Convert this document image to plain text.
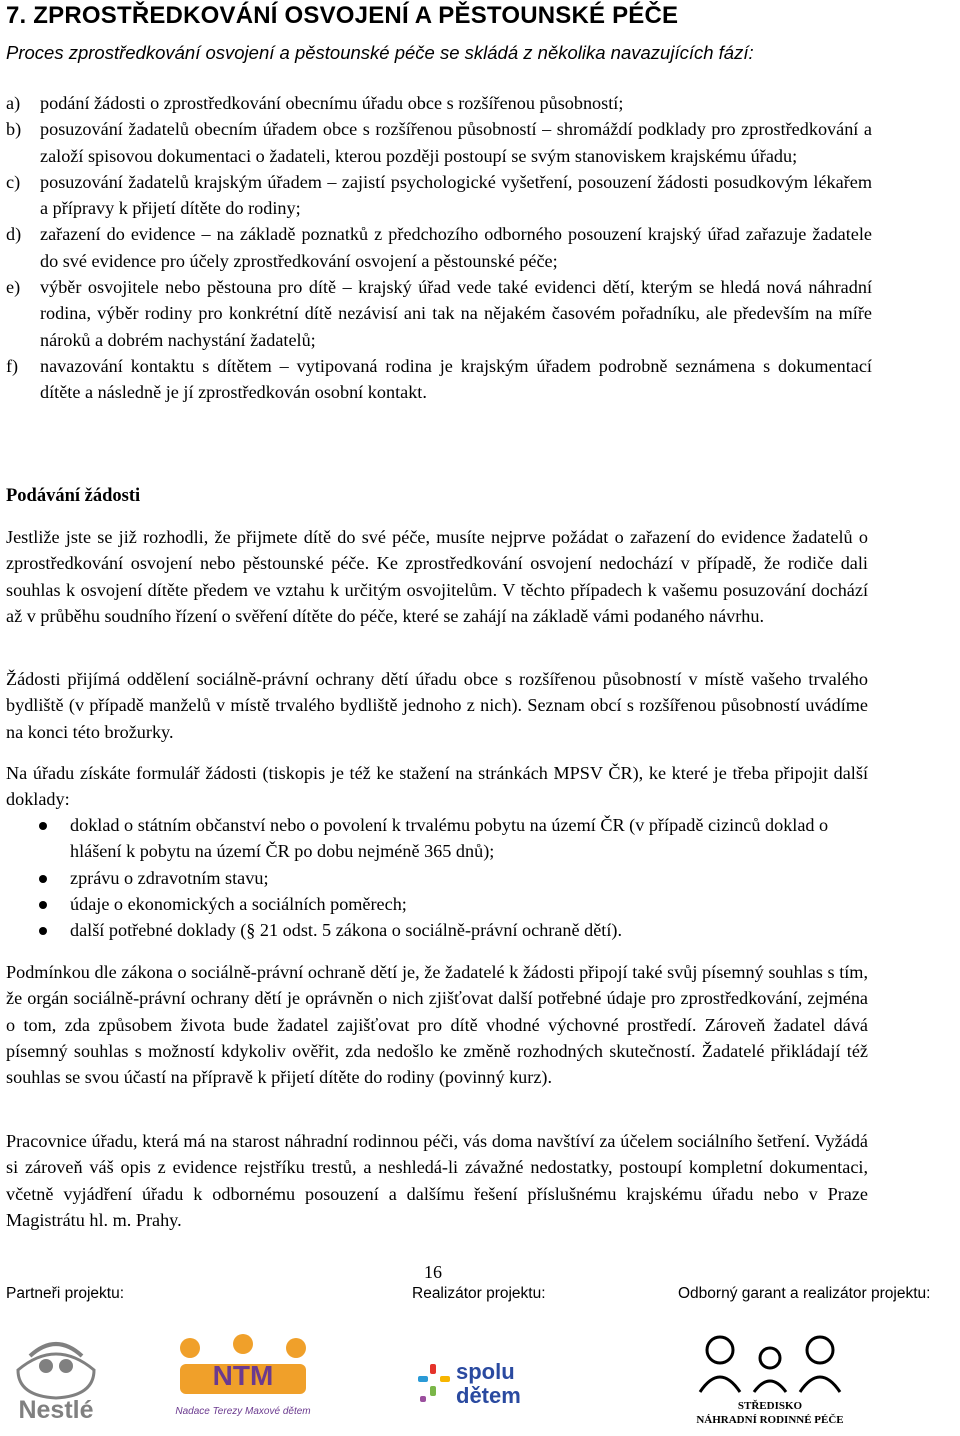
7. ZPROSTŘEDKOVÁNÍ OSVOJENÍ A PĚSTOUNSKÉ PÉČE
Proces zprostředkování osvojení a pěstounské péče se skládá z několika navazujících fází:
a) podání žádosti o zprostředkování obecnímu úřadu obce s rozšířenou působností;
b) posuzování žadatelů obecním úřadem obce s rozšířenou působností – shromáždí podklady pro zprostředkování a založí spisovou dokumentaci o žadateli, kterou později postoupí se svým stanoviskem krajskému úřadu;
c) posuzování žadatelů krajským úřadem – zajistí psychologické vyšetření, posouzení žádosti posudkovým lékařem a přípravy k přijetí dítěte do rodiny;
d) zařazení do evidence – na základě poznatků z předchozího odborného posouzení krajský úřad zařazuje žadatele do své evidence pro účely zprostředkování osvojení a pěstounské péče;
e) výběr osvojitele nebo pěstouna pro dítě – krajský úřad vede také evidenci dětí, kterým se hledá nová náhradní rodina, výběr rodiny pro konkrétní dítě nezávisí ani tak na nějakém časovém pořadníku, ale především na míře nároků a dobrém nachystání žadatelů;
f) navazování kontaktu s dítětem – vytipovaná rodina je krajským úřadem podrobně seznámena s dokumentací dítěte a následně je jí zprostředkován osobní kontakt.
Podávání žádosti

Jestliže jste se již rozhodli, že přijmete dítě do své péče, musíte nejprve požádat o zařazení do evidence žadatelů o zprostředkování osvojení nebo pěstounské péče. Ke zprostředkování osvojení nedochází v případě, že rodiče dali souhlas k osvojení dítěte předem ve vztahu k určitým osvojitelům. V těchto případech k vašemu posuzování dochází až v průběhu soudního řízení o svěření dítěte do péče, které se zahájí na základě vámi podaného návrhu.

Žádosti přijímá oddělení sociálně-právní ochrany dětí úřadu obce s rozšířenou působností v místě vašeho trvalého bydliště (v případě manželů v místě trvalého bydliště jednoho z nich). Seznam obcí s rozšířenou působností uvádíme na konci této brožurky.

Na úřadu získáte formulář žádosti (tiskopis je též ke stažení na stránkách MPSV ČR), ke které je třeba připojit další doklady:

doklad o státním občanství nebo o povolení k trvalému pobytu na území ČR (v případě cizinců doklad o hlášení k pobytu na území ČR po dobu nejméně 365 dnů);
zprávu o zdravotním stavu;
údaje o ekonomických a sociálních poměrech;
další potřebné doklady (§ 21 odst. 5 zákona o sociálně-právní ochraně dětí).

Podmínkou dle zákona o sociálně-právní ochraně dětí je, že žadatelé k žádosti připojí také svůj písemný souhlas s tím, že orgán sociálně-právní ochrany dětí je oprávněn o nich zjišťovat další potřebné údaje pro zprostředkování, zejména o tom, zda způsobem života bude žadatel zajišťovat pro dítě vhodné výchovné prostředí. Zároveň žadatel dává písemný souhlas s možností kdykoliv ověřit, zda nedošlo ke změně rozhodných skutečností. Žadatelé přikládají též souhlas se svou účastí na přípravě k přijetí dítěte do rodiny (povinný kurz).

Pracovnice úřadu, která má na starost náhradní rodinnou péči, vás doma navštíví za účelem sociálního šetření. Vyžádá si zároveň váš opis z evidence rejstříku trestů, a neshledá-li závažné nedostatky, postoupí kompletní dokumentaci, včetně vyjádření úřadu k odbornému posouzení a dalšímu řešení příslušnému krajskému úřadu nebo v Praze Magistrátu hl. m. Prahy.

16
Partneři projektu:	Realizátor projektu:	Odborný garant a realizátor projektu:
Nestlé
NTM
Nadace Terezy Maxové dětem
spolu
dětem	STŘEDISKO
NÁHRADNÍ RODINNÉ PÉČE
